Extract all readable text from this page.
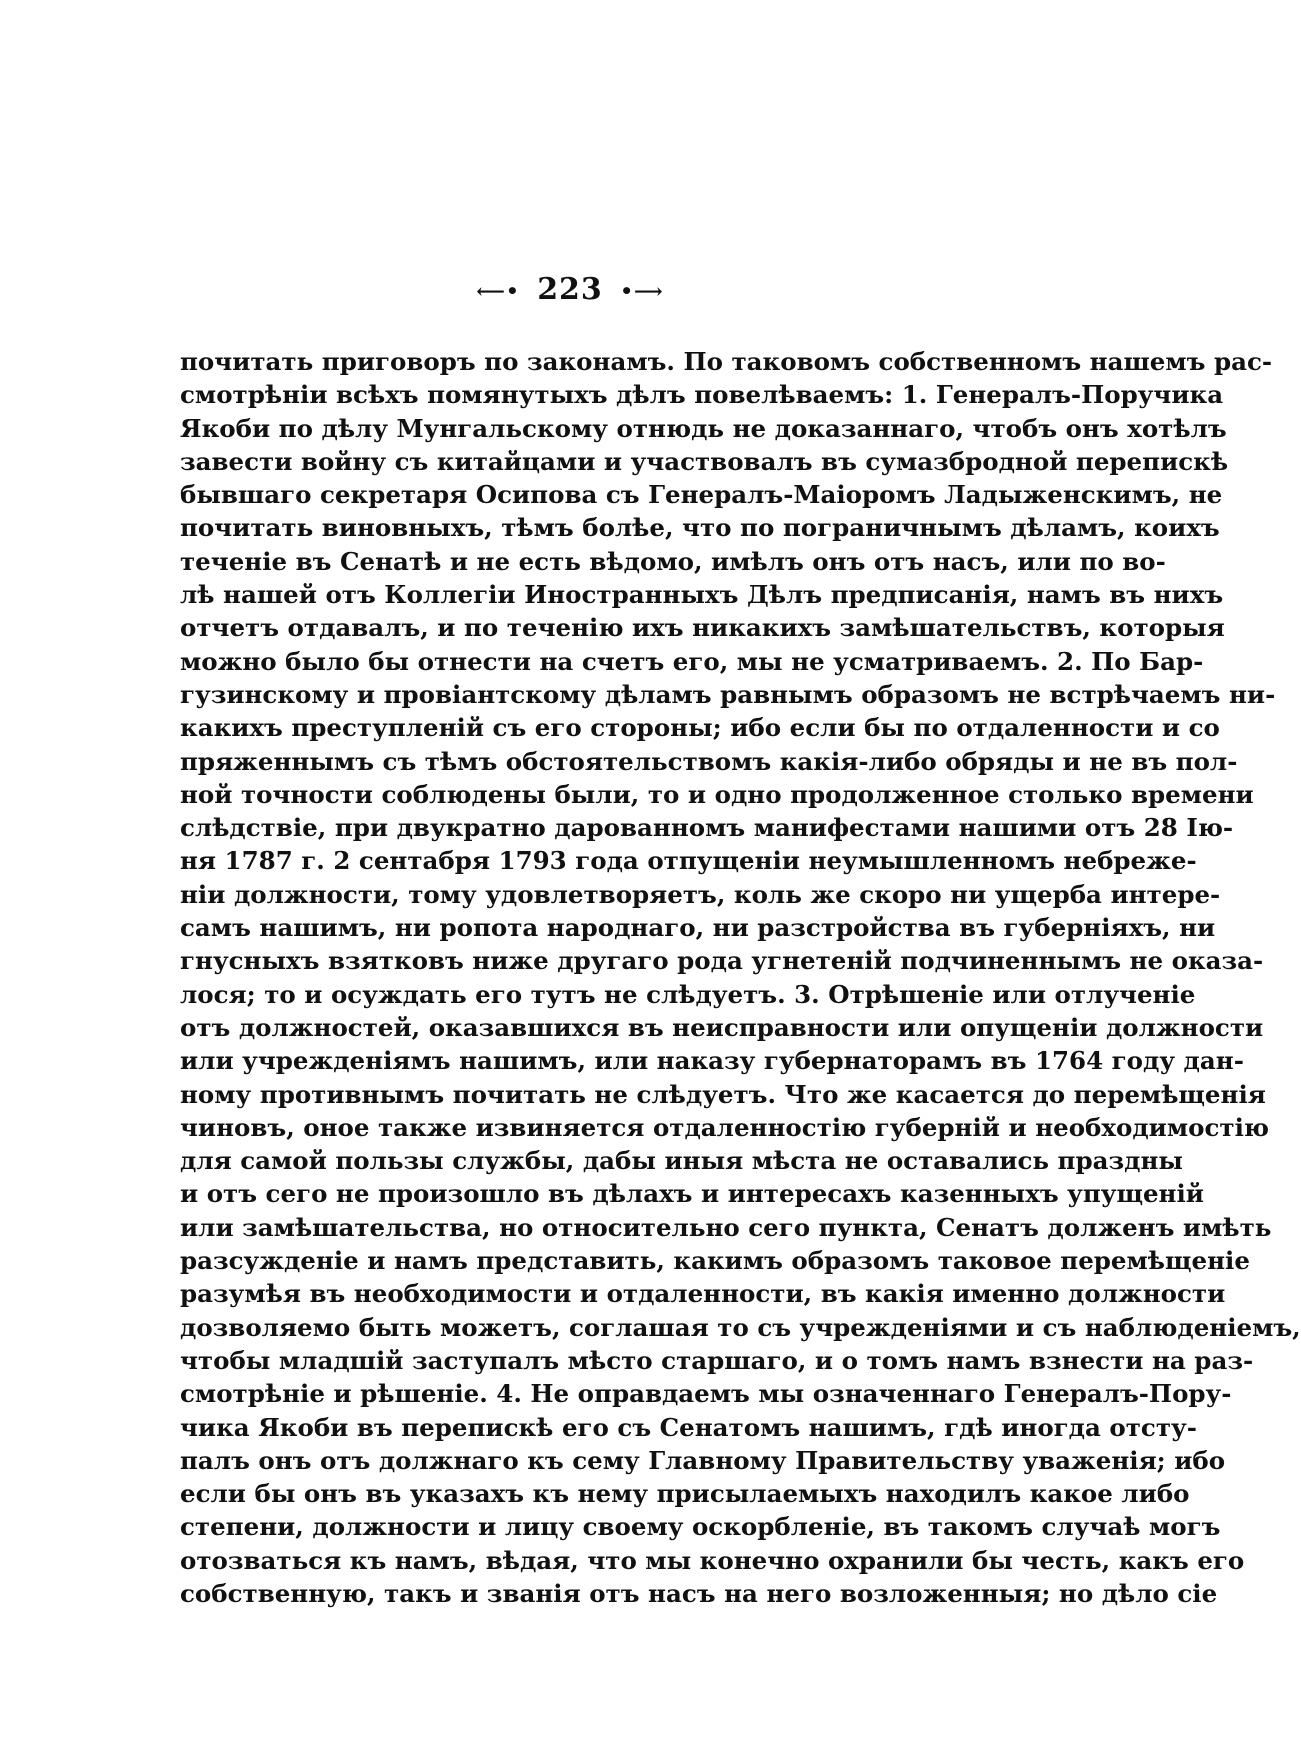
⟵• 223 •⟶
почитать приговоръ по законамъ. По таковомъ собственномъ нашемъ рас-
смотрѣніи всѣхъ помянутыхъ дѣлъ повелѣваемъ: 1. Генералъ-Поручика
Якоби по дѣлу Мунгальскому отнюдь не доказаннаго, чтобъ онъ хотѣлъ
завести войну съ китайцами и участвовалъ въ сумазбродной перепискѣ
бывшаго секретаря Осипова съ Генералъ-Маіоромъ Ладыженскимъ, не
почитать виновныхъ, тѣмъ болѣе, что по пограничнымъ дѣламъ, коихъ
теченіе въ Сенатѣ и не есть вѣдомо, имѣлъ онъ отъ насъ, или по во-
лѣ нашей отъ Коллегіи Иностранныхъ Дѣлъ предписанія, намъ въ нихъ
отчетъ отдавалъ, и по теченію ихъ никакихъ замѣшательствъ, которыя
можно было бы отнести на счетъ его, мы не усматриваемъ. 2. По Бар-
гузинскому и провіантскому дѣламъ равнымъ образомъ не встрѣчаемъ ни-
какихъ преступленій съ его стороны; ибо если бы по отдаленности и со
пряженнымъ съ тѣмъ обстоятельствомъ какія-либо обряды и не въ пол-
ной точности соблюдены были, то и одно продолженное столько времени
слѣдствіе, при двукратно дарованномъ манифестами нашими отъ 28 Ію-
ня 1787 г. 2 сентабря 1793 года отпущеніи неумышленномъ небреже-
ніи должности, тому удовлетворяетъ, коль же скоро ни ущерба интере-
самъ нашимъ, ни ропота народнаго, ни разстройства въ губерніяхъ, ни
гнусныхъ взятковъ ниже другаго рода угнетеній подчиненнымъ не оказа-
лося; то и осуждать его тутъ не слѣдуетъ. 3. Отрѣшеніе или отлученіе
отъ должностей, оказавшихся въ неисправности или опущеніи должности
или учрежденіямъ нашимъ, или наказу губернаторамъ въ 1764 году дан-
ному противнымъ почитать не слѣдуетъ. Что же касается до перемѣщенія
чиновъ, оное также извиняется отдаленностію губерній и необходимостію
для самой пользы службы, дабы иныя мѣста не оставались праздны
и отъ сего не произошло въ дѣлахъ и интересахъ казенныхъ упущеній
или замѣшательства, но относительно сего пункта, Сенатъ долженъ имѣть
разсужденіе и намъ представить, какимъ образомъ таковое перемѣщеніе
разумѣя въ необходимости и отдаленности, въ какія именно должности
дозволяемо быть можетъ, соглашая то съ учрежденіями и съ наблюденіемъ,
чтобы младшій заступалъ мѣсто старшаго, и о томъ намъ взнести на раз-
смотрѣніе и рѣшеніе. 4. Не оправдаемъ мы означеннаго Генералъ-Пору-
чика Якоби въ перепискѣ его съ Сенатомъ нашимъ, гдѣ иногда отсту-
палъ онъ отъ должнаго къ сему Главному Правительству уваженія; ибо
если бы онъ въ указахъ къ нему присылаемыхъ находилъ какое либо
степени, должности и лицу своему оскорбленіе, въ такомъ случаѣ могъ
отозваться къ намъ, вѣдая, что мы конечно охранили бы честь, какъ его
собственную, такъ и званія отъ насъ на него возложенныя; но дѣло сіе
